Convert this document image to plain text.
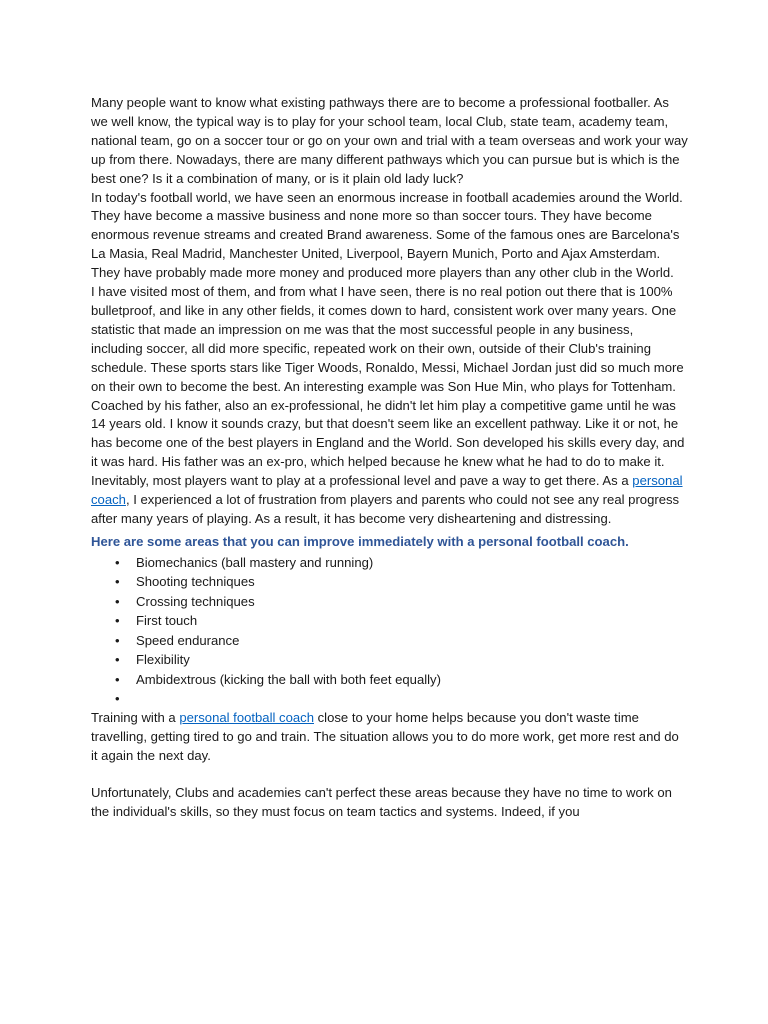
Many people want to know what existing pathways there are to become a professional footballer. As we well know, the typical way is to play for your school team, local Club, state team, academy team, national team, go on a soccer tour or go on your own and trial with a team overseas and work your way up from there. Nowadays, there are many different pathways which you can pursue but is which is the best one? Is it a combination of many, or is it plain old lady luck?

In today's football world, we have seen an enormous increase in football academies around the World. They have become a massive business and none more so than soccer tours. They have become enormous revenue streams and created Brand awareness. Some of the famous ones are Barcelona's La Masia, Real Madrid, Manchester United, Liverpool, Bayern Munich, Porto and Ajax Amsterdam. They have probably made more money and produced more players than any other club in the World.

I have visited most of them, and from what I have seen, there is no real potion out there that is 100% bulletproof, and like in any other fields, it comes down to hard, consistent work over many years. One statistic that made an impression on me was that the most successful people in any business, including soccer, all did more specific, repeated work on their own, outside of their Club's training schedule. These sports stars like Tiger Woods, Ronaldo, Messi, Michael Jordan just did so much more on their own to become the best. An interesting example was Son Hue Min, who plays for Tottenham. Coached by his father, also an ex-professional, he didn't let him play a competitive game until he was 14 years old. I know it sounds crazy, but that doesn't seem like an excellent pathway. Like it or not, he has become one of the best players in England and the World. Son developed his skills every day, and it was hard. His father was an ex-pro, which helped because he knew what he had to do to make it.

Inevitably, most players want to play at a professional level and pave a way to get there. As a personal coach, I experienced a lot of frustration from players and parents who could not see any real progress after many years of playing. As a result, it has become very disheartening and distressing.

Here are some areas that you can improve immediately with a personal football coach.

• Biomechanics (ball mastery and running)
• Shooting techniques
• Crossing techniques
• First touch
• Speed endurance
• Flexibility
• Ambidextrous (kicking the ball with both feet equally)
•

Training with a personal football coach close to your home helps because you don't waste time travelling, getting tired to go and train. The situation allows you to do more work, get more rest and do it again the next day.

Unfortunately, Clubs and academies can't perfect these areas because they have no time to work on the individual's skills, so they must focus on team tactics and systems. Indeed, if you
